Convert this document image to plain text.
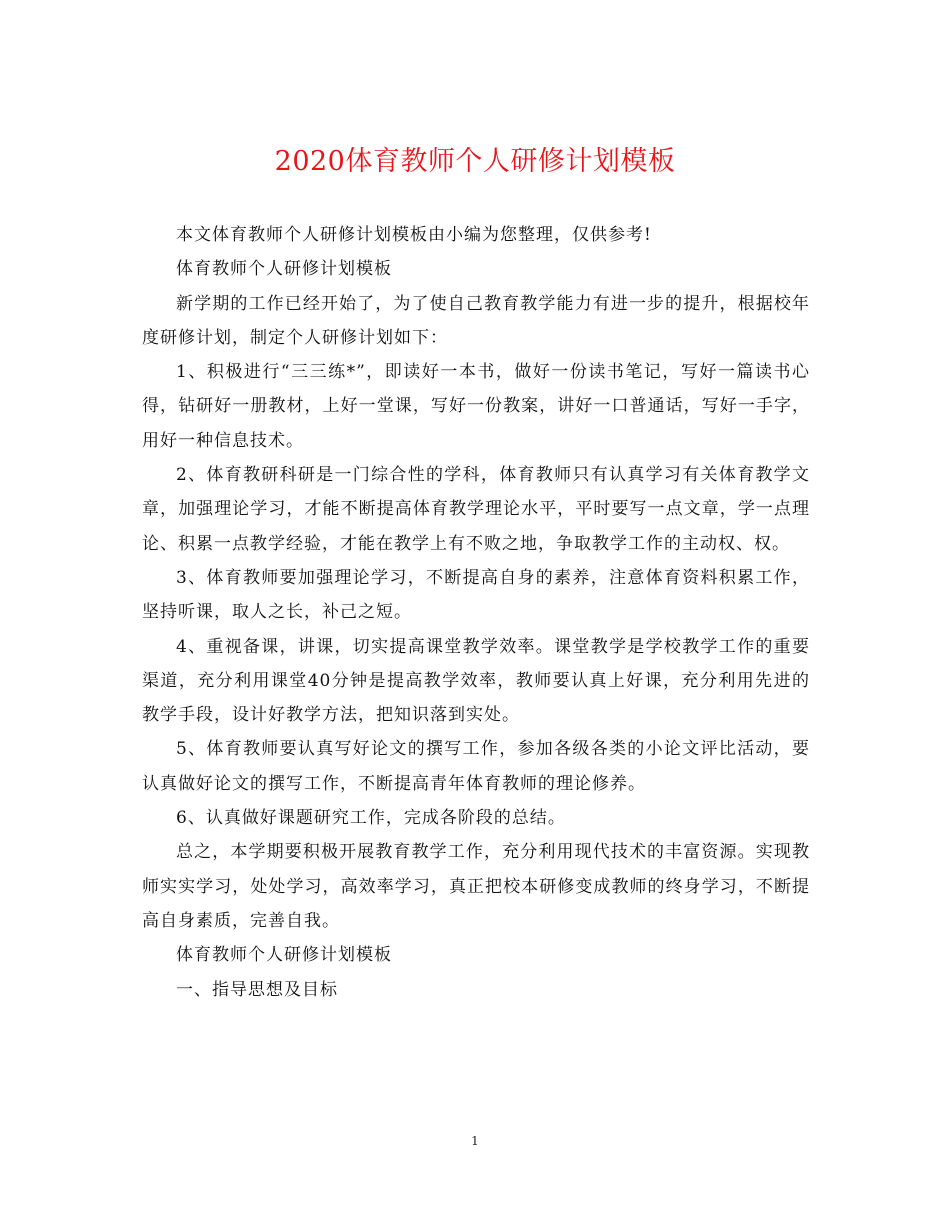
2020体育教师个人研修计划模板

本文体育教师个人研修计划模板由小编为您整理，仅供参考!

体育教师个人研修计划模板

新学期的工作已经开始了，为了使自己教育教学能力有进一步的提升，根据校年度研修计划，制定个人研修计划如下：

1、积极进行“三三练*”，即读好一本书，做好一份读书笔记，写好一篇读书心得，钻研好一册教材，上好一堂课，写好一份教案，讲好一口普通话，写好一手字，用好一种信息技术。

2、体育教研科研是一门综合性的学科，体育教师只有认真学习有关体育教学文章，加强理论学习，才能不断提高体育教学理论水平，平时要写一点文章，学一点理论、积累一点教学经验，才能在教学上有不败之地，争取教学工作的主动权、权。

3、体育教师要加强理论学习，不断提高自身的素养，注意体育资料积累工作，坚持听课，取人之长，补己之短。

4、重视备课，讲课，切实提高课堂教学效率。课堂教学是学校教学工作的重要渠道，充分利用课堂40分钟是提高教学效率，教师要认真上好课，充分利用先进的教学手段，设计好教学方法，把知识落到实处。

5、体育教师要认真写好论文的撰写工作，参加各级各类的小论文评比活动，要认真做好论文的撰写工作，不断提高青年体育教师的理论修养。

6、认真做好课题研究工作，完成各阶段的总结。

总之，本学期要积极开展教育教学工作，充分利用现代技术的丰富资源。实现教师实实学习，处处学习，高效率学习，真正把校本研修变成教师的终身学习，不断提高自身素质，完善自我。

体育教师个人研修计划模板

一、指导思想及目标

1
